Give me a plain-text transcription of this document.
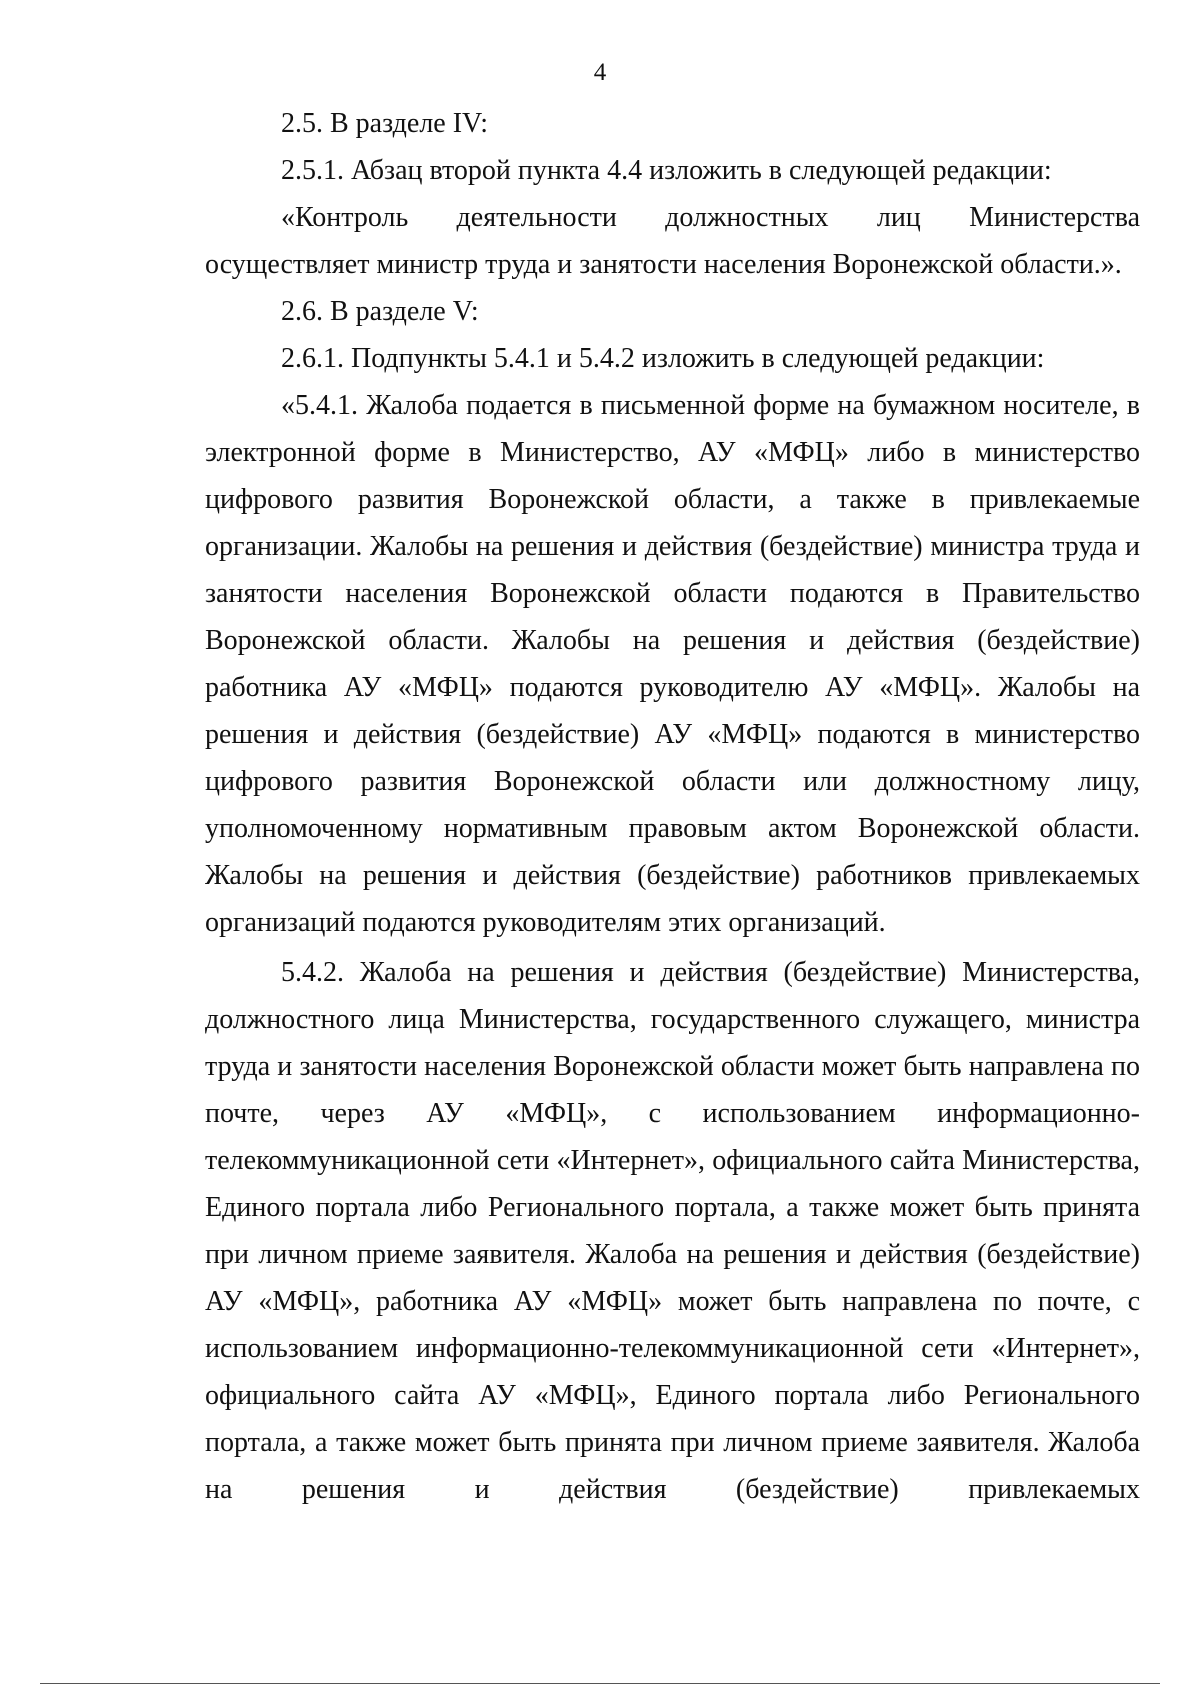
4

2.5. В разделе IV:

2.5.1. Абзац второй пункта 4.4 изложить в следующей редакции:

«Контроль деятельности должностных лиц Министерства осуществляет министр труда и занятости населения Воронежской области.».

2.6. В разделе V:

2.6.1. Подпункты 5.4.1 и 5.4.2 изложить в следующей редакции:

«5.4.1. Жалоба подается в письменной форме на бумажном носителе, в электронной форме в Министерство, АУ «МФЦ» либо в министерство цифрового развития Воронежской области, а также в привлекаемые организации. Жалобы на решения и действия (бездействие) министра труда и занятости населения Воронежской области подаются в Правительство Воронежской области. Жалобы на решения и действия (бездействие) работника АУ «МФЦ» подаются руководителю АУ «МФЦ». Жалобы на решения и действия (бездействие) АУ «МФЦ» подаются в министерство цифрового развития Воронежской области или должностному лицу, уполномоченному нормативным правовым актом Воронежской области. Жалобы на решения и действия (бездействие) работников привлекаемых организаций подаются руководителям этих организаций.

5.4.2. Жалоба на решения и действия (бездействие) Министерства, должностного лица Министерства, государственного служащего, министра труда и занятости населения Воронежской области может быть направлена по почте, через АУ «МФЦ», с использованием информационно-телекоммуникационной сети «Интернет», официального сайта Министерства, Единого портала либо Регионального портала, а также может быть принята при личном приеме заявителя. Жалоба на решения и действия (бездействие) АУ «МФЦ», работника АУ «МФЦ» может быть направлена по почте, с использованием информационно-телекоммуникационной сети «Интернет», официального сайта АУ «МФЦ», Единого портала либо Регионального портала, а также может быть принята при личном приеме заявителя. Жалоба на решения и действия (бездействие) привлекаемых
